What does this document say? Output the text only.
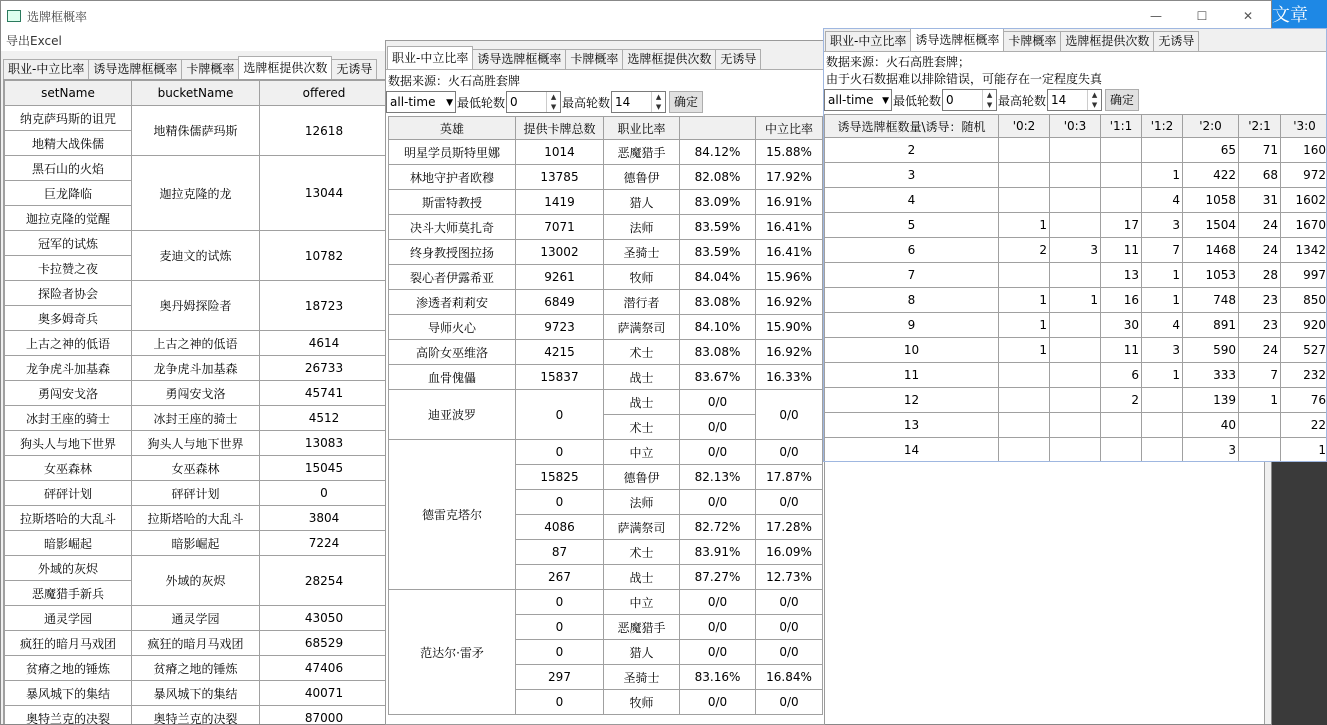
文章
选牌框概率	—	☐	✕
导出Excel
职业-中立比率 诱导选牌框概率 卡牌概率 选牌框提供次数 无诱导
setName	bucketName	offered
纳克萨玛斯的诅咒	地精侏儒萨玛斯	12618
地精大战侏儒		
黑石山的火焰	迦拉克隆的龙	13044
巨龙降临		
迦拉克隆的觉醒		
冠军的试炼	麦迪文的试炼	10782
卡拉赞之夜		
探险者协会	奥丹姆探险者	18723
奥多姆奇兵		
上古之神的低语	上古之神的低语	4614
龙争虎斗加基森	龙争虎斗加基森	26733
勇闯安戈洛	勇闯安戈洛	45741
冰封王座的骑士	冰封王座的骑士	4512
狗头人与地下世界	狗头人与地下世界	13083
女巫森林	女巫森林	15045
砰砰计划	砰砰计划	0
拉斯塔哈的大乱斗	拉斯塔哈的大乱斗	3804
暗影崛起	暗影崛起	7224
外域的灰烬	外域的灰烬	28254
恶魔猎手新兵		
通灵学园	通灵学园	43050
疯狂的暗月马戏团	疯狂的暗月马戏团	68529
贫瘠之地的锤炼	贫瘠之地的锤炼	47406
暴风城下的集结	暴风城下的集结	40071
奥特兰克的决裂	奥特兰克的决裂	87000
职业-中立比率 诱导选牌框概率 卡牌概率 选牌框提供次数 无诱导
数据来源：火石高胜套牌
all-time ▼ 最低轮数 0	▲
▼ 最高轮数 14	▲
▼	确定
英雄	提供卡牌总数	职业比率		中立比率
明星学员斯特里娜	1014	恶魔猎手	84.12%	15.88%
林地守护者欧穆	13785	德鲁伊	82.08%	17.92%
斯雷特教授	1419	猎人	83.09%	16.91%
决斗大师莫扎奇	7071	法师	83.59%	16.41%
终身教授图拉扬	13002	圣骑士	83.59%	16.41%
裂心者伊露希亚	9261	牧师	84.04%	15.96%
渗透者莉莉安	6849	潜行者	83.08%	16.92%
导师火心	9723	萨满祭司	84.10%	15.90%
高阶女巫维洛	4215	术士	83.08%	16.92%
血骨傀儡	15837	战士	83.67%	16.33%
迪亚波罗	0	战士	0/0	0/0
		术士	0/0	
德雷克塔尔	0	中立	0/0	0/0
	15825	德鲁伊	82.13%	17.87%
	0	法师	0/0	0/0
	4086	萨满祭司	82.72%	17.28%
	87	术士	83.91%	16.09%
	267	战士	87.27%	12.73%
范达尔·雷矛	0	中立	0/0	0/0
	0	恶魔猎手	0/0	0/0
	0	猎人	0/0	0/0
	297	圣骑士	83.16%	16.84%
	0	牧师	0/0	0/0
职业-中立比率 诱导选牌框概率 卡牌概率 选牌框提供次数 无诱导
数据来源：火石高胜套牌；
由于火石数据难以排除错误，可能存在一定程度失真
all-time ▼ 最低轮数 0	▲
▼ 最高轮数 14	▲
▼	确定
诱导选牌框数量\诱导：随机	'0:2	'0:3	'1:1	'1:2	'2:0	'2:1	'3:0
2					65	71	160
3				1	422	68	972
4				4	1058	31	1602
5	1		17	3	1504	24	1670
6	2	3	11	7	1468	24	1342
7			13	1	1053	28	997
8	1	1	16	1	748	23	850
9	1		30	4	891	23	920
10	1		11	3	590	24	527
11			6	1	333	7	232
12			2		139	1	76
13					40		22
14					3		1
